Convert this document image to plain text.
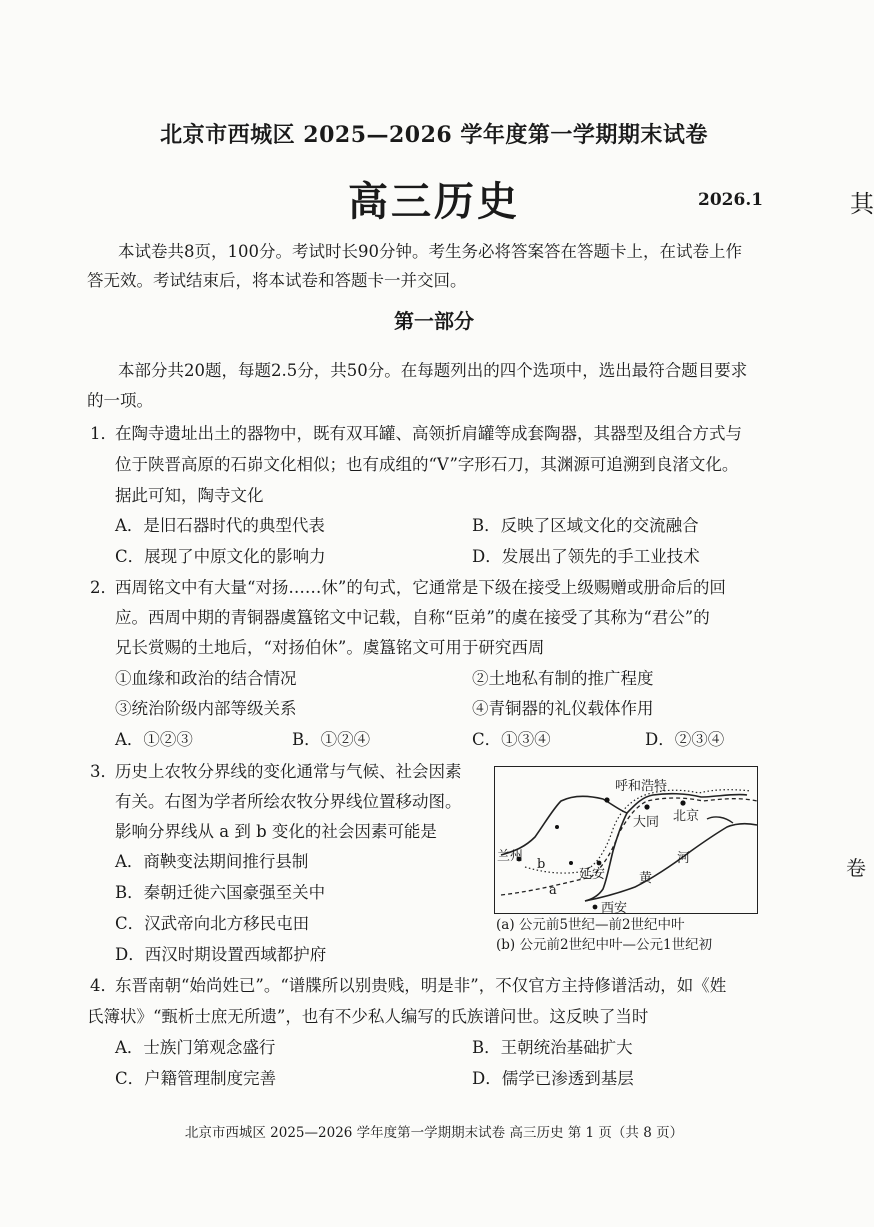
北京市西城区 2025—2026 学年度第一学期期末试卷
高三历史	2026.1	其
卷
本试卷共8页，100分。考试时长90分钟。考生务必将答案答在答题卡上，在试卷上作
答无效。考试结束后，将本试卷和答题卡一并交回。
第一部分
本部分共20题，每题2.5分，共50分。在每题列出的四个选项中，选出最符合题目要求
的一项。
1．
在陶寺遗址出土的器物中，既有双耳罐、高领折肩罐等成套陶器，其器型及组合方式与
位于陕晋高原的石峁文化相似；也有成组的“V”字形石刀，其渊源可追溯到良渚文化。
据此可知，陶寺文化
A．是旧石器时代的典型代表	B．反映了区域文化的交流融合
C．展现了中原文化的影响力	D．发展出了领先的手工业技术
2．
西周铭文中有大量“对扬……休”的句式，它通常是下级在接受上级赐赠或册命后的回
应。西周中期的青铜器虞簋铭文中记载，自称“臣弟”的虞在接受了其称为“君公”的
兄长赏赐的土地后，“对扬伯休”。虞簋铭文可用于研究西周
①血缘和政治的结合情况	②土地私有制的推广程度
③统治阶级内部等级关系	④青铜器的礼仪载体作用
A．①②③	B．①②④	C．①③④	D．②③④
3．
历史上农牧分界线的变化通常与气候、社会因素
有关。右图为学者所绘农牧分界线位置移动图。
影响分界线从 a 到 b 变化的社会因素可能是
A．商鞅变法期间推行县制
B．秦朝迁徙六国豪强至关中
C．汉武帝向北方移民屯田
D．西汉时期设置西域都护府
呼和浩特
大同 北京
兰州
延安
西安
河
黄
a
b
(a) 公元前5世纪—前2世纪中叶
(b) 公元前2世纪中叶—公元1世纪初
4．
东晋南朝“始尚姓已”。“谱牒所以别贵贱，明是非”，不仅官方主持修谱活动，如《姓
氏簿状》“甄析士庶无所遗”，也有不少私人编写的氏族谱问世。这反映了当时
A．士族门第观念盛行	B．王朝统治基础扩大
C．户籍管理制度完善	D．儒学已渗透到基层
北京市西城区 2025—2026 学年度第一学期期末试卷 高三历史 第 1 页（共 8 页）
